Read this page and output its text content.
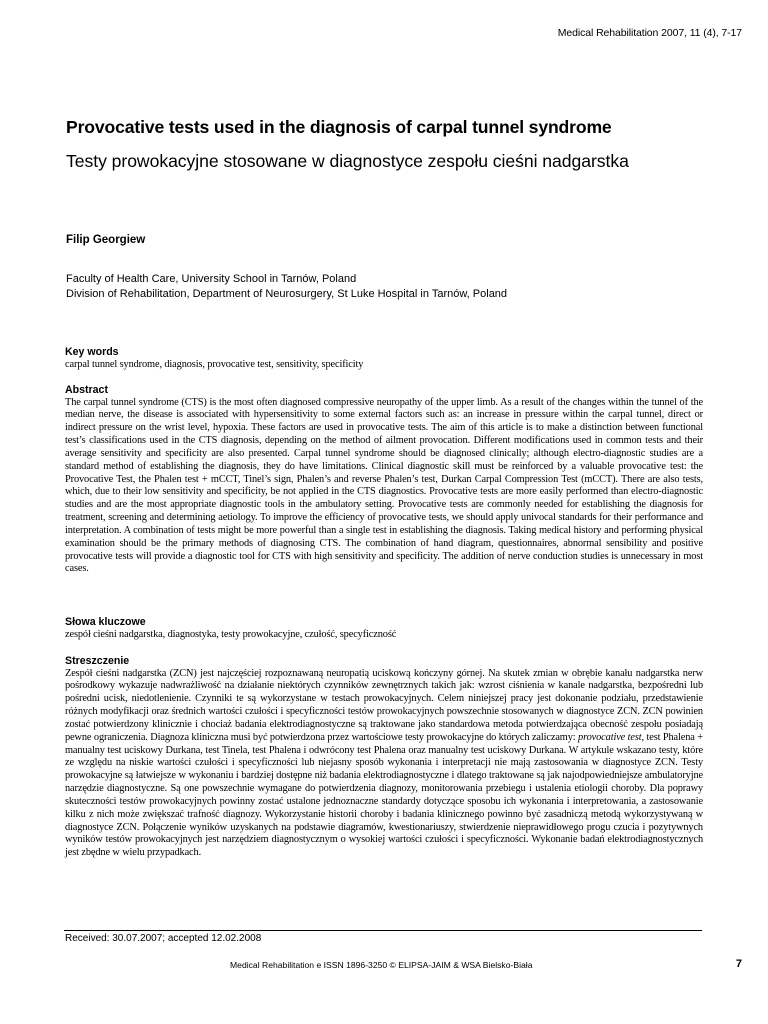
Medical Rehabilitation 2007, 11 (4), 7-17
Provocative tests used in the diagnosis of carpal tunnel syndrome
Testy prowokacyjne stosowane w diagnostyce zespołu cieśni nadgarstka
Filip Georgiew
Faculty of Health Care, University School in Tarnów, Poland
Division of Rehabilitation, Department of Neurosurgery, St Luke Hospital in Tarnów, Poland
Key words

carpal tunnel syndrome, diagnosis, provocative test, sensitivity, specificity

Abstract

The carpal tunnel syndrome (CTS) is the most often diagnosed compressive neuropathy of the upper limb. As a result of the changes within the tunnel of the median nerve, the disease is associated with hypersensitivity to some external factors such as: an increase in pressure within the carpal tunnel, direct or indirect pressure on the wrist level, hypoxia. These factors are used in provocative tests. The aim of this article is to make a distinction between functional test’s classifications used in the CTS diagnosis, depending on the method of ailment provocation. Different modifications used in common tests and their average sensitivity and specificity are also presented. Carpal tunnel syndrome should be diagnosed clinically; although electro-diagnostic studies are a standard method of establishing the diagnosis, they do have limitations. Clinical diagnostic skill must be reinforced by a valuable provocative test: the Provocative Test, the Phalen test + mCCT, Tinel’s sign, Phalen’s and reverse Phalen’s test, Durkan Carpal Compression Test (mCCT). There are also tests, which, due to their low sensitivity and specificity, be not applied in the CTS diagnostics. Provocative tests are more easily performed than electro-diagnostic studies and are the most appropriate diagnostic tools in the ambulatory setting. Provocative tests are commonly needed for establishing the diagnosis for treatment, screening and determining aetiology. To improve the efficiency of provocative tests, we should apply univocal standards for their performance and interpretation. A combination of tests might be more powerful than a single test in establishing the diagnosis. Taking medical history and performing physical examination should be the primary methods of diagnosing CTS. The combination of hand diagram, questionnaires, abnormal sensibility and positive provocative tests will provide a diagnostic tool for CTS with high sensitivity and specificity. The addition of nerve conduction studies is unnecessary in most cases.

Słowa kluczowe

zespół cieśni nadgarstka, diagnostyka, testy prowokacyjne, czułość, specyficzność

Streszczenie

Zespół cieśni nadgarstka (ZCN) jest najczęściej rozpoznawaną neuropatią uciskową kończyny górnej. Na skutek zmian w obrębie kanału nadgarstka nerw pośrodkowy wykazuje nadwrażliwość na działanie niektórych czynników zewnętrznych takich jak: wzrost ciśnienia w kanale nadgarstka, bezpośredni lub pośredni ucisk, niedotlenienie. Czynniki te są wykorzystane w testach prowokacyjnych. Celem niniejszej pracy jest dokonanie podziału, przedstawienie różnych modyfikacji oraz średnich wartości czułości i specyficzności testów prowokacyjnych powszechnie stosowanych w diagnostyce ZCN. ZCN powinien zostać potwierdzony klinicznie i chociaż badania elektrodiagnostyczne są traktowane jako standardowa metoda potwierdzająca obecność zespołu posiadają pewne ograniczenia. Diagnoza kliniczna musi być potwierdzona przez wartościowe testy prowokacyjne do których zaliczamy: provocative test, test Phalena + manualny test uciskowy Durkana, test Tinela, test Phalena i odwrócony test Phalena oraz manualny test uciskowy Durkana. W artykule wskazano testy, które ze względu na niskie wartości czułości i specyficzności lub niejasny sposób wykonania i interpretacji nie mają zastosowania w diagnostyce ZCN. Testy prowokacyjne są łatwiejsze w wykonaniu i bardziej dostępne niż badania elektrodiagnostyczne i dlatego traktowane są jak najodpowiedniejsze ambulatoryjne narzędzie diagnostyczne. Są one powszechnie wymagane do potwierdzenia diagnozy, monitorowania przebiegu i ustalenia etiologii choroby. Dla poprawy skuteczności testów prowokacyjnych powinny zostać ustalone jednoznaczne standardy dotyczące sposobu ich wykonania i interpretowania, a zastosowanie kilku z nich może zwiększać trafność diagnozy. Wykorzystanie historii choroby i badania klinicznego powinno być zasadniczą metodą wykorzystywaną w diagnostyce ZCN. Połączenie wyników uzyskanych na podstawie diagramów, kwestionariuszy, stwierdzenie nieprawidłowego progu czucia i pozytywnych wyników testów prowokacyjnych jest narzędziem diagnostycznym o wysokiej wartości czułości i specyficzności. Wykonanie badań elektrodiagnostycznych jest zbędne w wielu przypadkach.

Received: 30.07.2007; accepted 12.02.2008
Medical Rehabilitation e ISSN 1896-3250 © ELIPSA-JAIM & WSA Bielsko-Biała	7
